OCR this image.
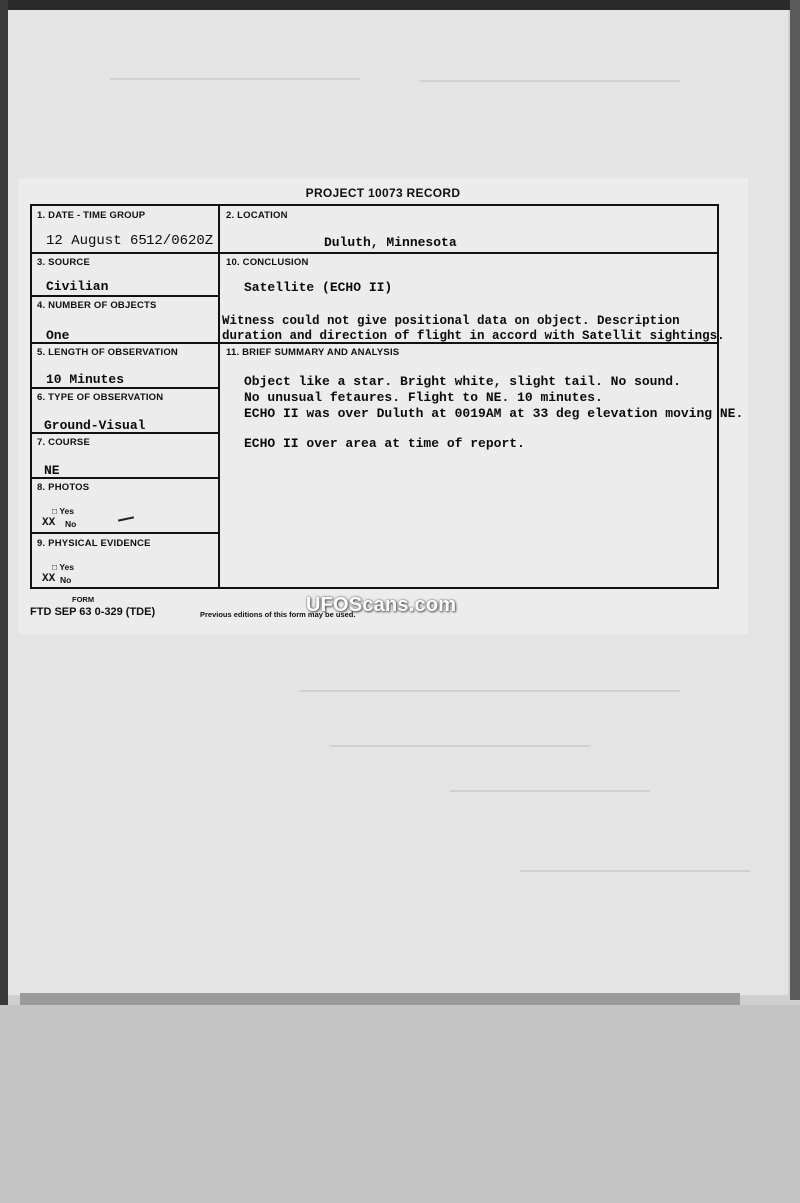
PROJECT 10073 RECORD
1. DATE - TIME GROUP
12 August 65 12/0620Z
2. LOCATION
Duluth, Minnesota
3. SOURCE
Civilian
10. CONCLUSION
Satellite (ECHO II)
Witness could not give positional data on object. Description
duration and direction of flight in accord with Satellit sightings.
4. NUMBER OF OBJECTS
One
5. LENGTH OF OBSERVATION
10 Minutes
11. BRIEF SUMMARY AND ANALYSIS
Object like a star. Bright white, slight tail. No sound.
No unusual fetaures. Flight to NE. 10 minutes.
ECHO II was over Duluth at 0019AM at 33 deg elevation moving NE.
ECHO II over area at time of report.
6. TYPE OF OBSERVATION
Ground-Visual
7. COURSE
NE
8. PHOTOS
□ Yes
XX No
9. PHYSICAL EVIDENCE
□ Yes
XX No
FORM
FTD SEP 63 0-329 (TDE)	Previous editions of this form may be used.
UFOScans.com
